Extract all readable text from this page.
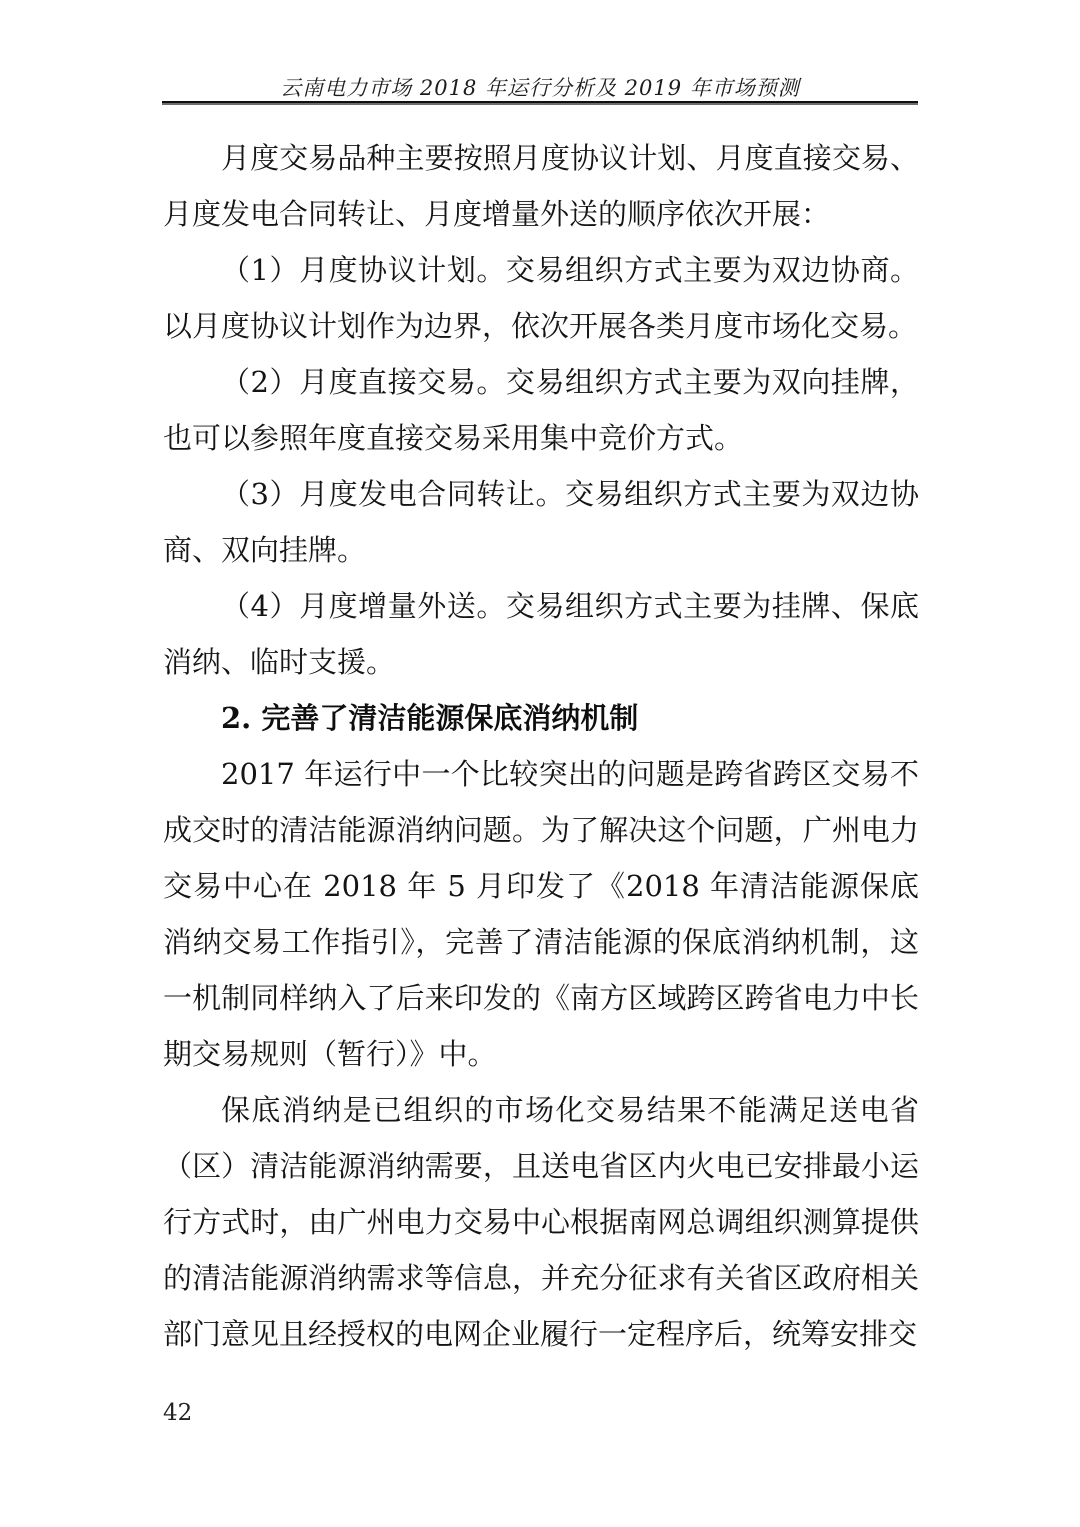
云南电力市场 2018 年运行分析及 2019 年市场预测

月度交易品种主要按照月度协议计划、月度直接交易、月度发电合同转让、月度增量外送的顺序依次开展：

（1）月度协议计划。交易组织方式主要为双边协商。以月度协议计划作为边界，依次开展各类月度市场化交易。

（2）月度直接交易。交易组织方式主要为双向挂牌，也可以参照年度直接交易采用集中竞价方式。

（3）月度发电合同转让。交易组织方式主要为双边协商、双向挂牌。

（4）月度增量外送。交易组织方式主要为挂牌、保底消纳、临时支援。

2. 完善了清洁能源保底消纳机制

2017 年运行中一个比较突出的问题是跨省跨区交易不成交时的清洁能源消纳问题。为了解决这个问题，广州电力交易中心在 2018 年 5 月印发了《2018 年清洁能源保底消纳交易工作指引》，完善了清洁能源的保底消纳机制，这一机制同样纳入了后来印发的《南方区域跨区跨省电力中长期交易规则（暂行）》中。

保底消纳是已组织的市场化交易结果不能满足送电省（区）清洁能源消纳需要，且送电省区内火电已安排最小运行方式时，由广州电力交易中心根据南网总调组织测算提供的清洁能源消纳需求等信息，并充分征求有关省区政府相关部门意见且经授权的电网企业履行一定程序后，统筹安排交

42
